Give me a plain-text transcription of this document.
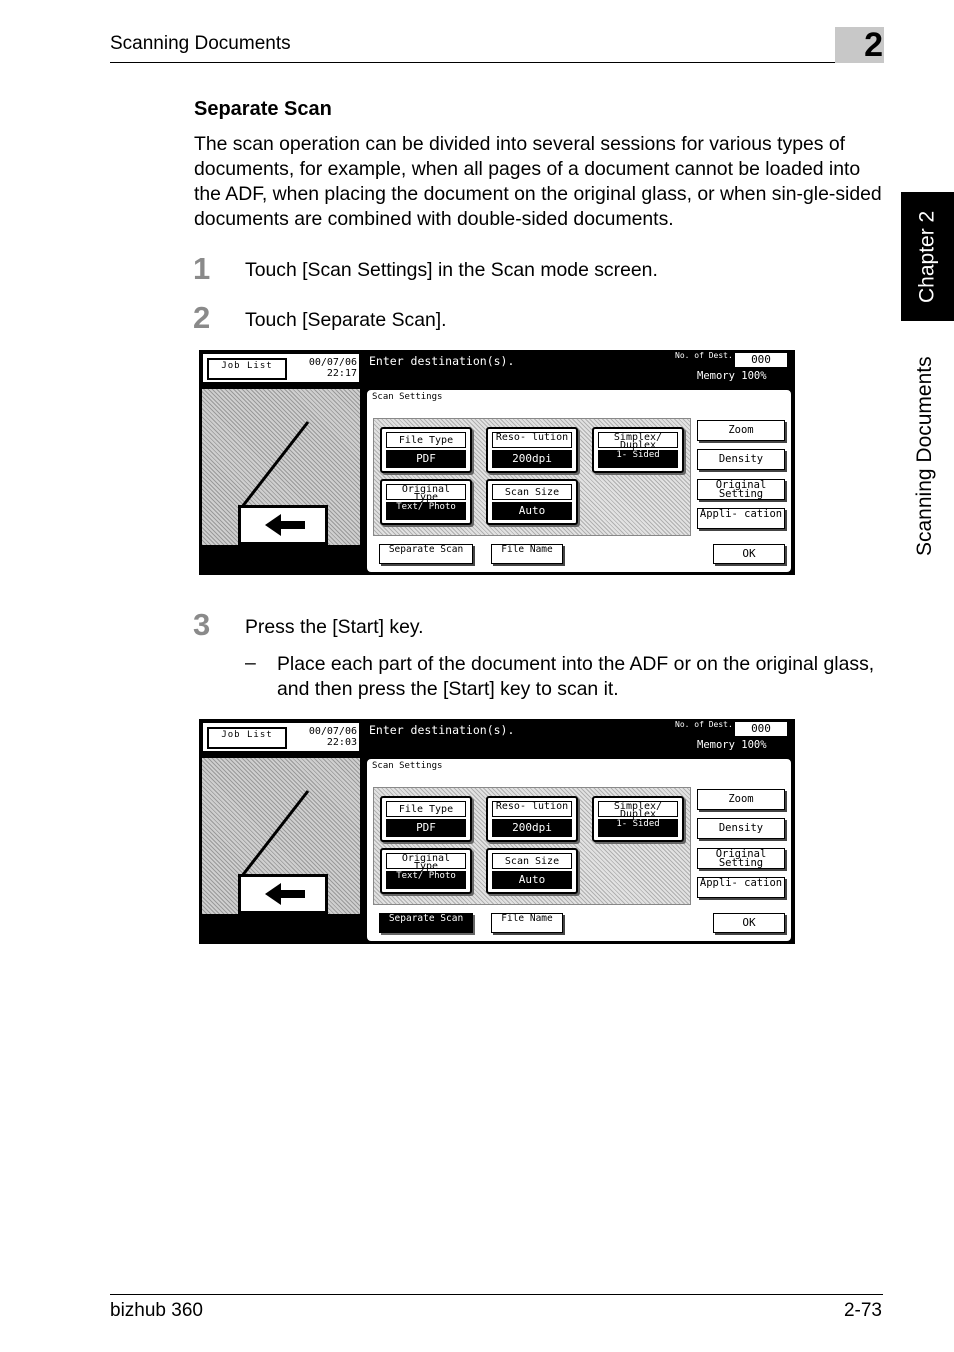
Scanning Documents	2
Chapter 2
Scanning Documents
Separate Scan
The scan operation can be divided into several sessions for various types of documents, for example, when all pages of a document cannot be loaded into the ADF, when placing the document on the original glass, or when sin-gle-sided documents are combined with double-sided documents.
1 Touch [Scan Settings] in the Scan mode screen.
2 Touch [Separate Scan].
Job List	00/07/06
22:17
Enter destination(s).	No. of Dest.	000
Memory 100%
Scan Settings
File Type
PDF
Reso- lution
200dpi
Simplex/ Duplex
1- Sided
Original Type
Text/ Photo
Scan Size
Auto
Zoom
Density
Original Setting
Appli- cation
Separate Scan	File Name	OK
3 Press the [Start] key.
– Place each part of the document into the ADF or on the original glass, and then press the [Start] key to scan it.
Job List	00/07/06
22:03
Enter destination(s).	No. of Dest.	000
Memory 100%
Scan Settings
File Type
PDF
Reso- lution
200dpi
Simplex/ Duplex
1- Sided
Original Type
Text/ Photo
Scan Size
Auto
Zoom
Density
Original Setting
Appli- cation
Separate Scan	File Name	OK
bizhub 360	2-73
